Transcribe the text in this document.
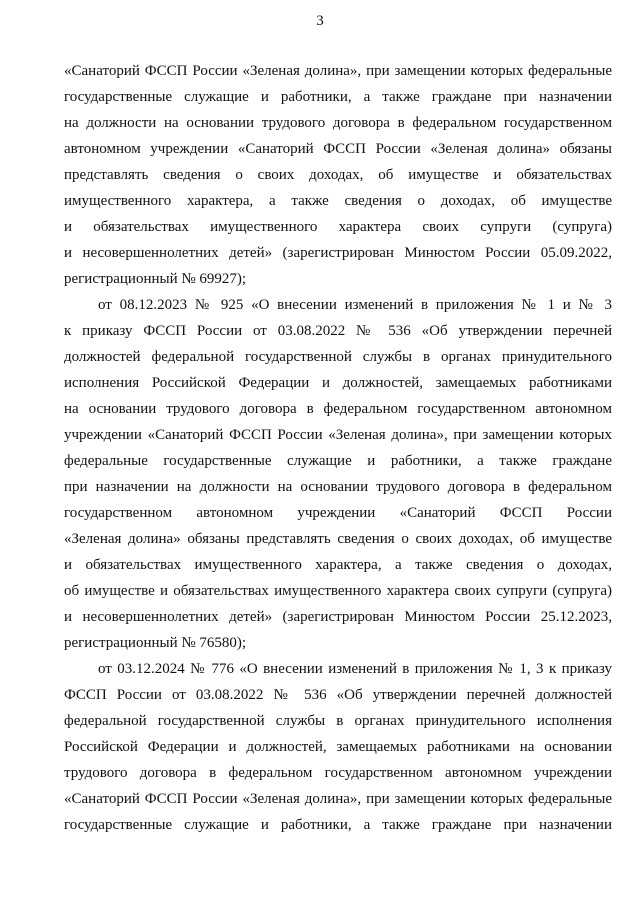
3
«Санаторий ФССП России «Зеленая долина», при замещении которых федеральные
государственные служащие и работники, а также граждане при назначении
на должности на основании трудового договора в федеральном государственном
автономном учреждении «Санаторий ФССП России «Зеленая долина» обязаны
представлять сведения о своих доходах, об имуществе и обязательствах
имущественного характера, а также сведения о доходах, об имуществе
и обязательствах имущественного характера своих супруги (супруга)
и несовершеннолетних детей» (зарегистрирован Минюстом России 05.09.2022,
регистрационный № 69927);
от 08.12.2023 № 925 «О внесении изменений в приложения № 1 и № 3
к приказу ФССП России от 03.08.2022 № 536 «Об утверждении перечней
должностей федеральной государственной службы в органах принудительного
исполнения Российской Федерации и должностей, замещаемых работниками
на основании трудового договора в федеральном государственном автономном
учреждении «Санаторий ФССП России «Зеленая долина», при замещении которых
федеральные государственные служащие и работники, а также граждане
при назначении на должности на основании трудового договора в федеральном
государственном автономном учреждении «Санаторий ФССП России
«Зеленая долина» обязаны представлять сведения о своих доходах, об имуществе
и обязательствах имущественного характера, а также сведения о доходах,
об имуществе и обязательствах имущественного характера своих супруги (супруга)
и несовершеннолетних детей» (зарегистрирован Минюстом России 25.12.2023,
регистрационный № 76580);
от 03.12.2024 № 776 «О внесении изменений в приложения № 1, 3 к приказу
ФССП России от 03.08.2022 № 536 «Об утверждении перечней должностей
федеральной государственной службы в органах принудительного исполнения
Российской Федерации и должностей, замещаемых работниками на основании
трудового договора в федеральном государственном автономном учреждении
«Санаторий ФССП России «Зеленая долина», при замещении которых федеральные
государственные служащие и работники, а также граждане при назначении
